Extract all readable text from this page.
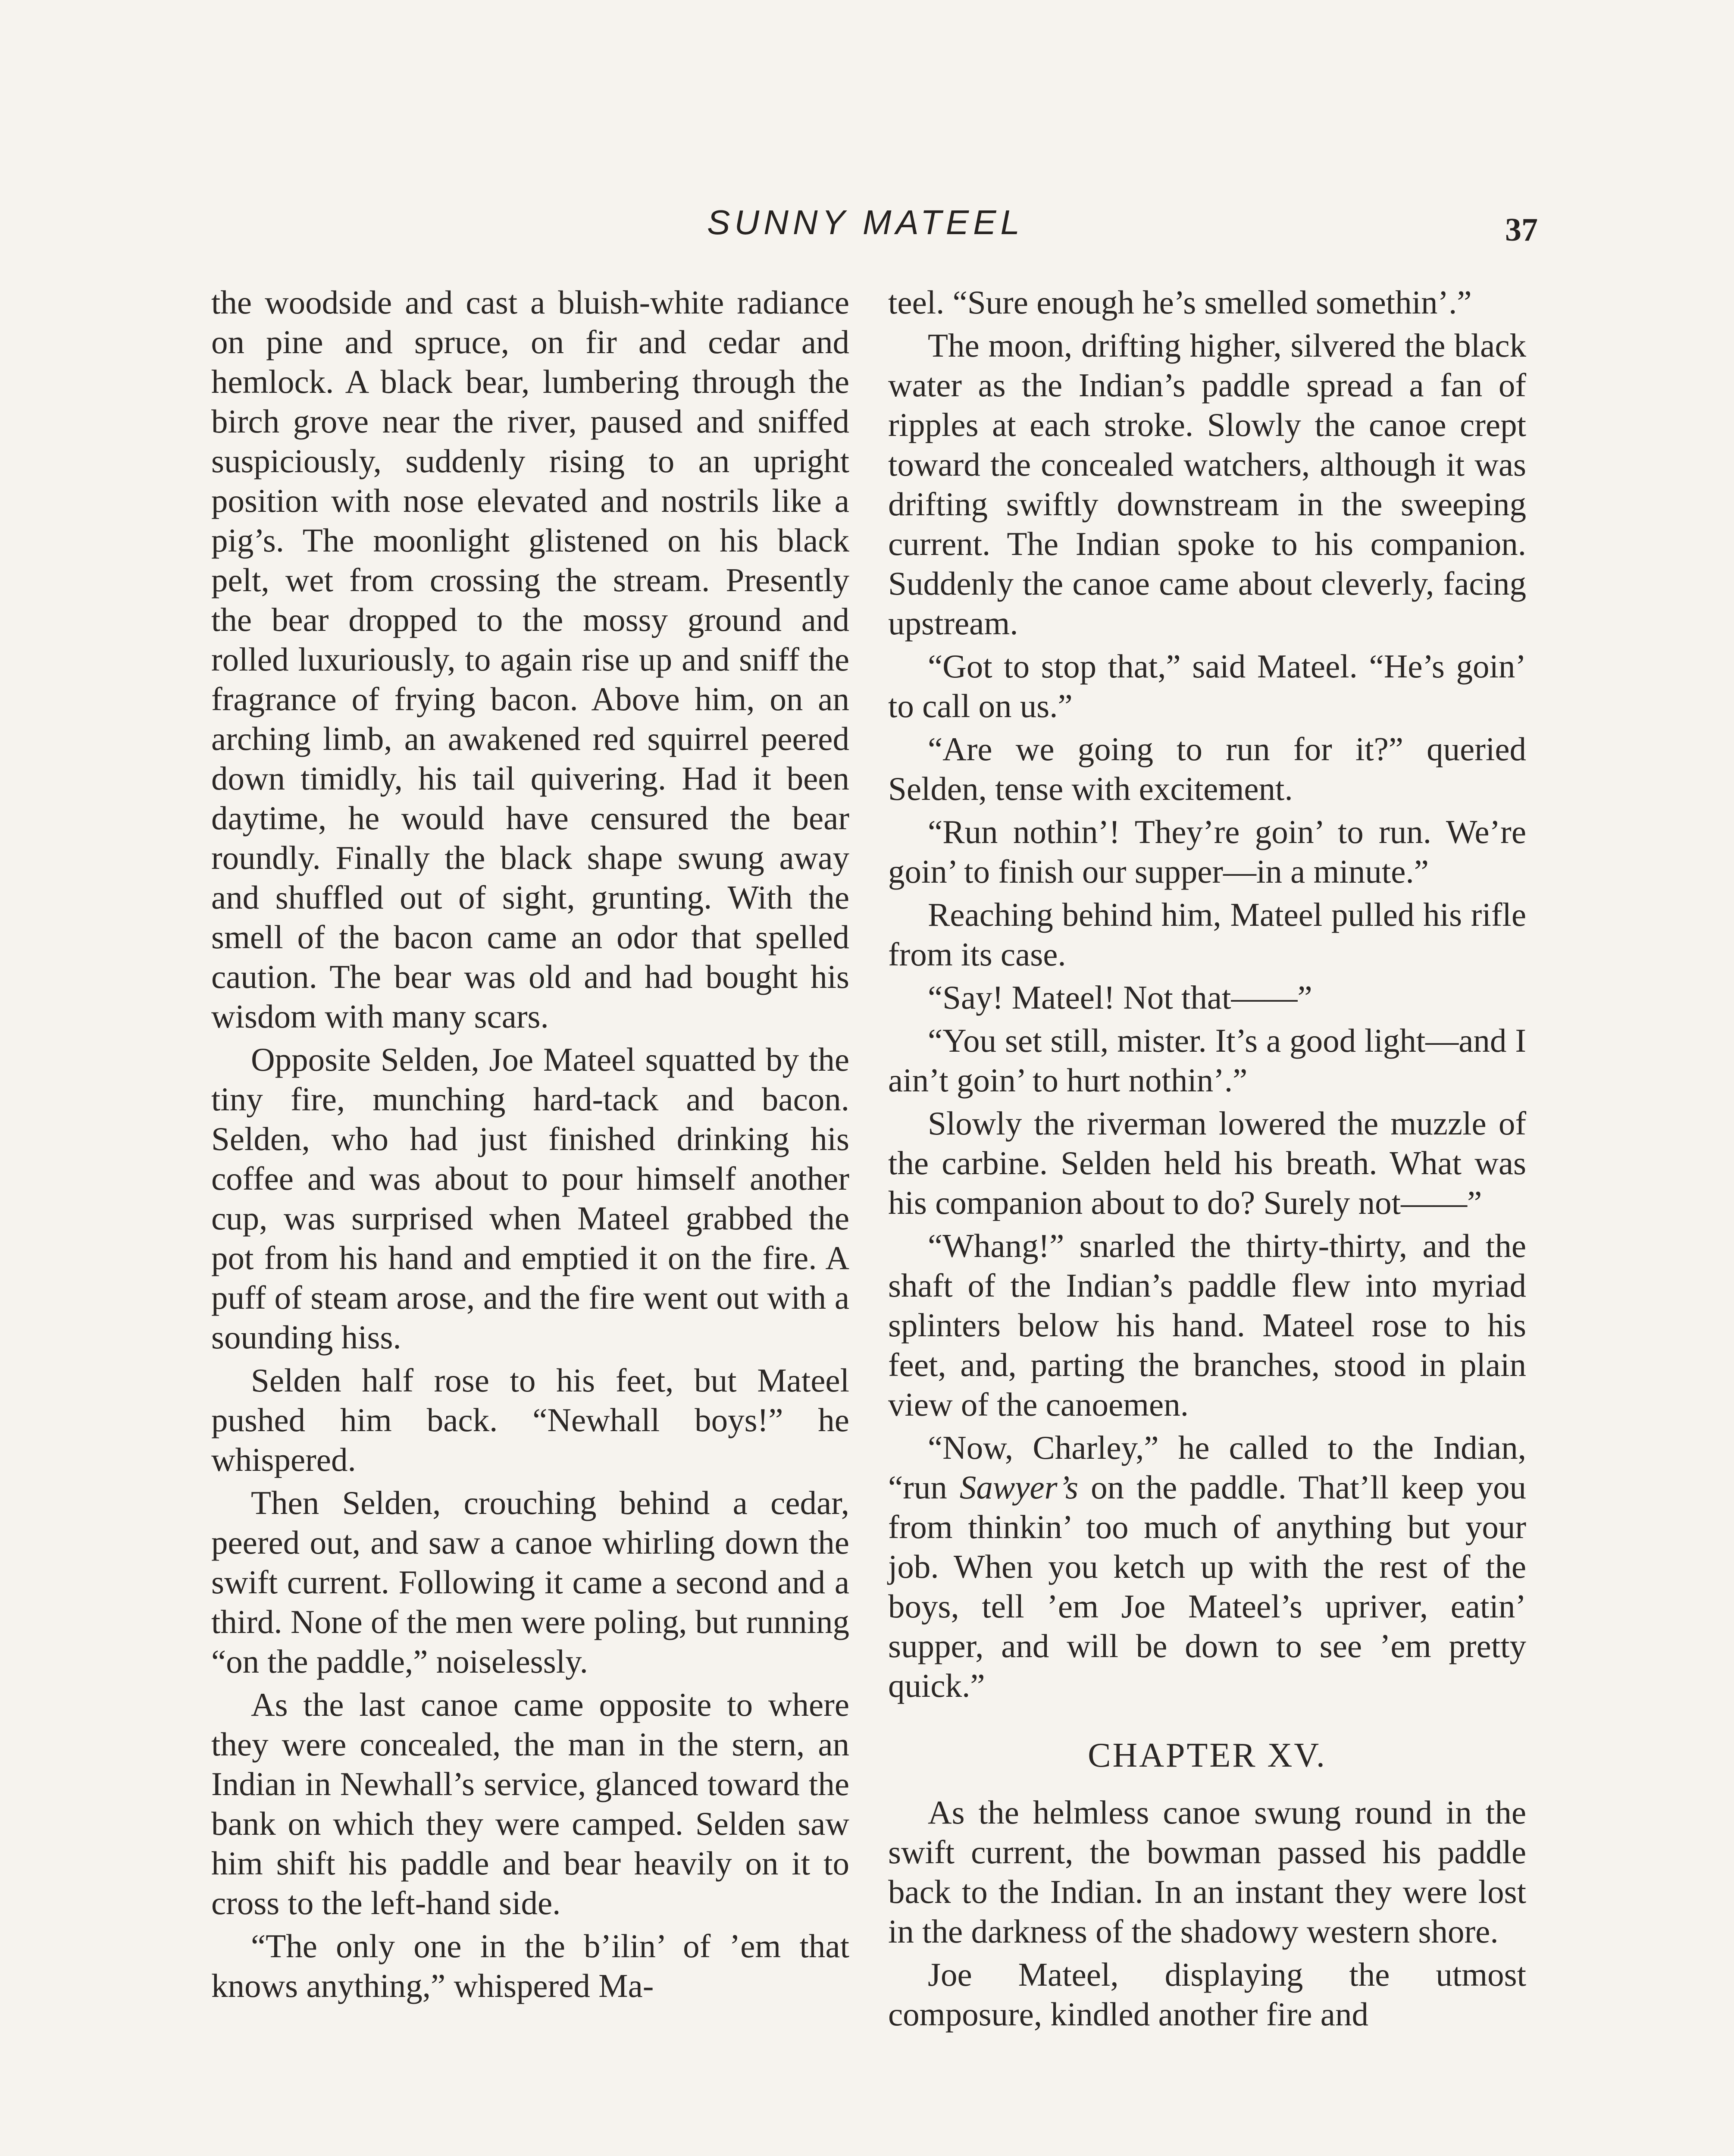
SUNNY MATEEL	37

the woodside and cast a bluish-white radiance on pine and spruce, on fir and cedar and hemlock. A black bear, lumbering through the birch grove near the river, paused and sniffed suspiciously, suddenly rising to an upright position with nose elevated and nostrils like a pig’s. The moonlight glistened on his black pelt, wet from crossing the stream. Presently the bear dropped to the mossy ground and rolled luxuriously, to again rise up and sniff the fragrance of frying bacon. Above him, on an arching limb, an awakened red squirrel peered down timidly, his tail quivering. Had it been daytime, he would have censured the bear roundly. Finally the black shape swung away and shuffled out of sight, grunting. With the smell of the bacon came an odor that spelled caution. The bear was old and had bought his wisdom with many scars.

Opposite Selden, Joe Mateel squatted by the tiny fire, munching hard-tack and bacon. Selden, who had just finished drinking his coffee and was about to pour himself another cup, was surprised when Mateel grabbed the pot from his hand and emptied it on the fire. A puff of steam arose, and the fire went out with a sounding hiss.

Selden half rose to his feet, but Mateel pushed him back. “Newhall boys!” he whispered.

Then Selden, crouching behind a cedar, peered out, and saw a canoe whirling down the swift current. Following it came a second and a third. None of the men were poling, but running “on the paddle,” noiselessly.

As the last canoe came opposite to where they were concealed, the man in the stern, an Indian in Newhall’s service, glanced toward the bank on which they were camped. Selden saw him shift his paddle and bear heavily on it to cross to the left-hand side.

“The only one in the b’ilin’ of ’em that knows anything,” whispered Ma-

teel. “Sure enough he’s smelled somethin’.”

The moon, drifting higher, silvered the black water as the Indian’s paddle spread a fan of ripples at each stroke. Slowly the canoe crept toward the concealed watchers, although it was drifting swiftly downstream in the sweeping current. The Indian spoke to his companion. Suddenly the canoe came about cleverly, facing upstream.

“Got to stop that,” said Mateel. “He’s goin’ to call on us.”

“Are we going to run for it?” queried Selden, tense with excitement.

“Run nothin’! They’re goin’ to run. We’re goin’ to finish our supper—in a minute.”

Reaching behind him, Mateel pulled his rifle from its case.

“Say! Mateel! Not that——”

“You set still, mister. It’s a good light—and I ain’t goin’ to hurt nothin’.”

Slowly the riverman lowered the muzzle of the carbine. Selden held his breath. What was his companion about to do? Surely not——”

“Whang!” snarled the thirty-thirty, and the shaft of the Indian’s paddle flew into myriad splinters below his hand. Mateel rose to his feet, and, parting the branches, stood in plain view of the canoemen.

“Now, Charley,” he called to the Indian, “run Sawyer’s on the paddle. That’ll keep you from thinkin’ too much of anything but your job. When you ketch up with the rest of the boys, tell ’em Joe Mateel’s upriver, eatin’ supper, and will be down to see ’em pretty quick.”

CHAPTER XV.

As the helmless canoe swung round in the swift current, the bowman passed his paddle back to the Indian. In an instant they were lost in the darkness of the shadowy western shore.

Joe Mateel, displaying the utmost composure, kindled another fire and
